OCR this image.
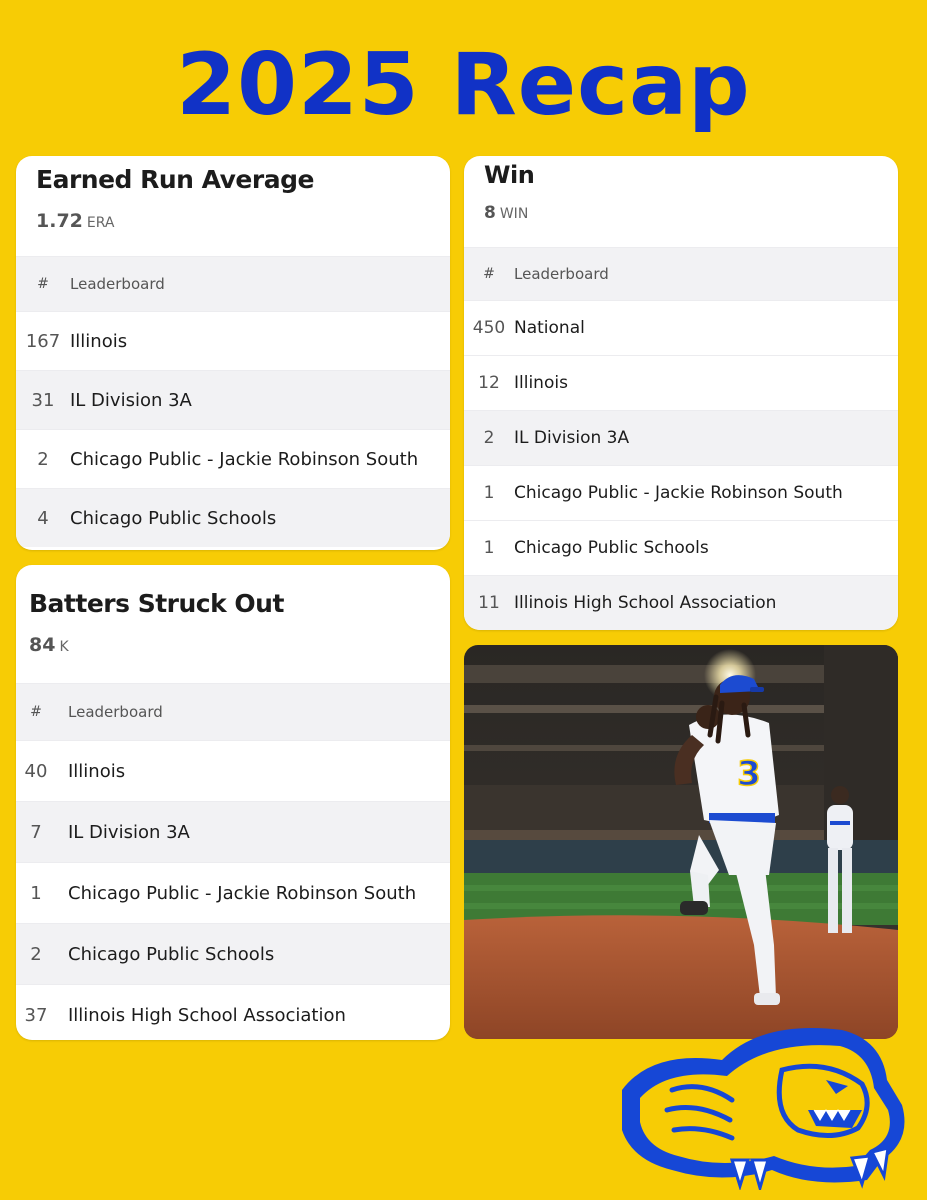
2025 Recap
Earned Run Average
1.72 ERA
#	Leaderboard
167 Illinois
31 IL Division 3A
2	Chicago Public - Jackie Robinson South
4	Chicago Public Schools
Win
8 WIN
#	Leaderboard
450 National
12 Illinois
2	IL Division 3A
1	Chicago Public - Jackie Robinson South
1	Chicago Public Schools
11 Illinois High School Association
Batters Struck Out
84 K
#	Leaderboard
40	Illinois
7	IL Division 3A
1	Chicago Public - Jackie Robinson South
2	Chicago Public Schools
37	Illinois High School Association
3
